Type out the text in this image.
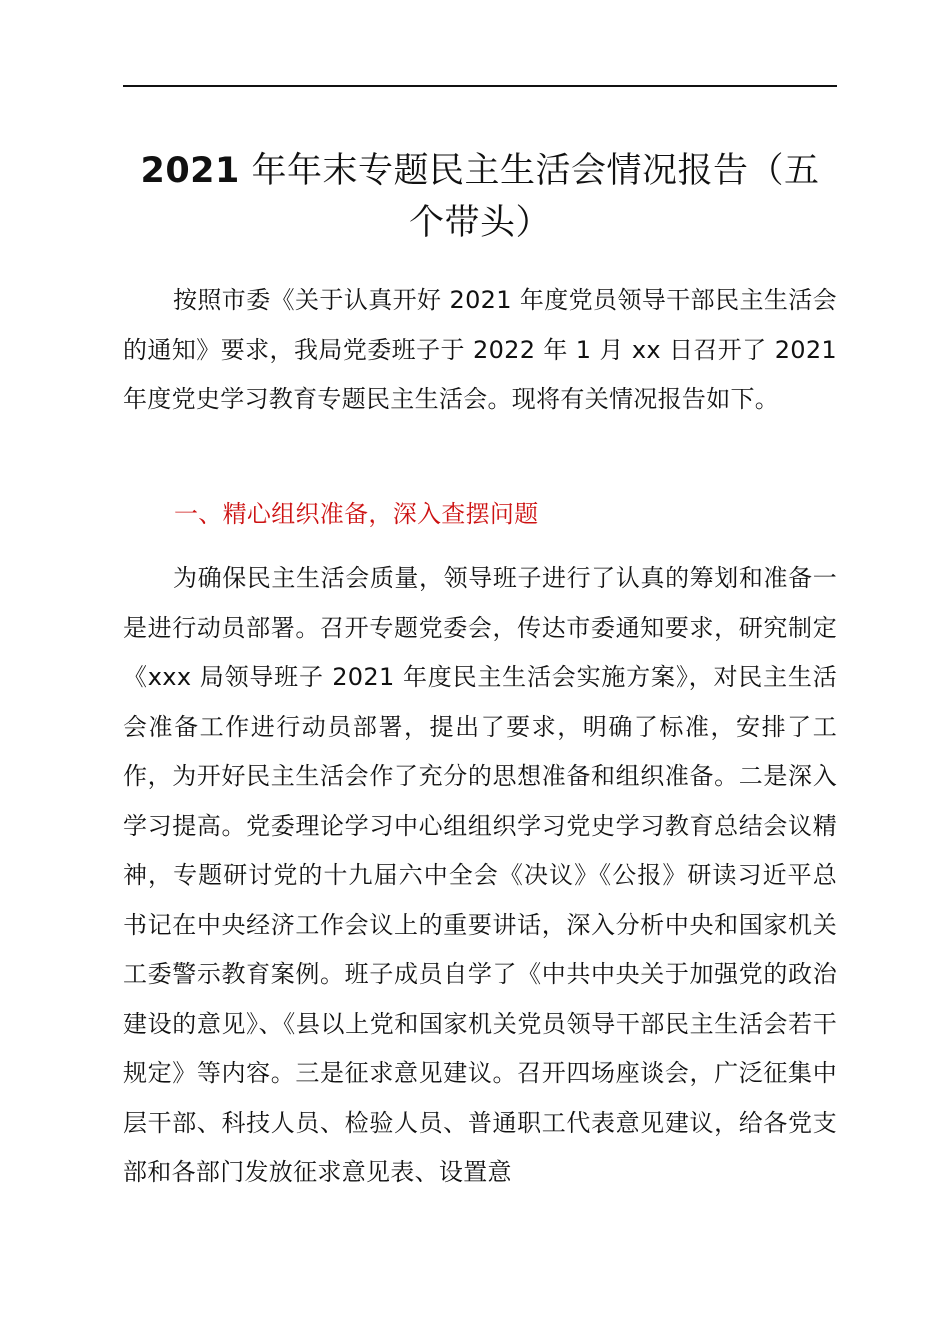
2021 年年末专题民主生活会情况报告（五个带头）

按照市委《关于认真开好 2021 年度党员领导干部民主生活会的通知》要求，我局党委班子于 2022 年 1 月 xx 日召开了 2021 年度党史学习教育专题民主生活会。现将有关情况报告如下。

一、精心组织准备，深入查摆问题

为确保民主生活会质量，领导班子进行了认真的筹划和准备一是进行动员部署。召开专题党委会，传达市委通知要求，研究制定《xxx 局领导班子 2021 年度民主生活会实施方案》，对民主生活会准备工作进行动员部署，提出了要求，明确了标准，安排了工作，为开好民主生活会作了充分的思想准备和组织准备。二是深入学习提高。党委理论学习中心组组织学习党史学习教育总结会议精神，专题研讨党的十九届六中全会《决议》《公报》研读习近平总书记在中央经济工作会议上的重要讲话，深入分析中央和国家机关工委警示教育案例。班子成员自学了《中共中央关于加强党的政治建设的意见》、《县以上党和国家机关党员领导干部民主生活会若干规定》等内容。三是征求意见建议。召开四场座谈会，广泛征集中层干部、科技人员、检验人员、普通职工代表意见建议，给各党支部和各部门发放征求意见表、设置意
